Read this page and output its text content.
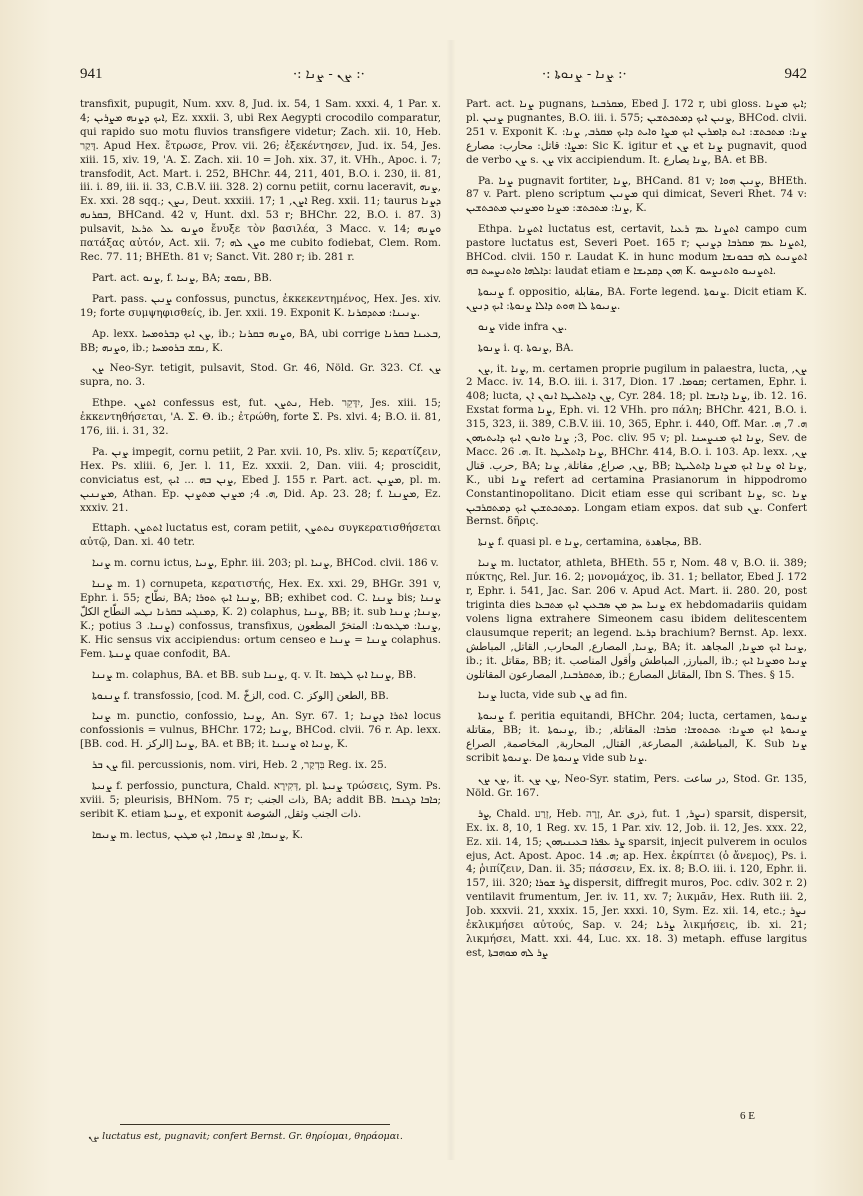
941	·: ܨܢ - ܨܢܐ :·	·: ܨܢܐ - ܨܢܘܬܐ :·	942

transfixit, pupugit, Num. xxv. 8, Jud. ix. 54, 1 Sam. xxxi. 4, 1 Par. x. 4; ܐܝܟ ܕܨܢܗ ܡܨܪܝܢ, Ez. xxxii. 3, ubi Rex Aegypti crocodilo comparatur, qui rapido suo motu fluvios transfigere videtur; Zach. xii. 10, Heb. דָּקַר. Apud Hex. ἔτρωσε, Prov. vii. 26; ἐξεκέντησεν, Jud. ix. 54, Jes. xiii. 15, xiv. 19, 'A. Σ. Zach. xii. 10 = Joh. xix. 37, it. VHh., Apoc. i. 7; transfodit, Act. Mart. i. 252, BHChr. 44, 211, 401, B.O. i. 230, ii. 81, iii. i. 89, iii. ii. 33, C.B.V. iii. 328. 2) cornu petiit, cornu laceravit, ܨܢܗ, Ex. xxi. 28 sqq.; ܢܨܢ, Deut. xxxiii. 17; ܐܨܢ, 1 Reg. xxii. 11; taurus ܕܨܢܐ ܒܩܪܢܗ, BHCand. 42 v, Hunt. dxl. 53 r; BHChr. 22, B.O. i. 87. 3) pulsavit, ܘܨܢܘ ܥܠ ܬܪܥܐ ἔνυξε τὸν βασιλέα, 3 Macc. v. 14; ܘܨܢܗ πατάξας αὐτόν, Act. xii. 7; ܘܨܢ ܠܗ me cubito fodiebat, Clem. Rom. Rec. 77. 11; BHEth. 81 v; Sanct. Vit. 280 r; ib. 281 r.

Part. act. ܨܢܘ, f. ܨܢܝܐ, BA; ܢܩܘܫ, BB.

Part. pass. ܨܢܝܢ confossus, punctus, ἐκκεκεντημένος, Hex. Jes. xiv. 19; forte συμψηφισθείς, ib. Jer. xxii. 19. Exponit K. ܨܢܝܢܐ: ܡܬܕܩܪܢܐ.

Ap. lexx. ܨܢ ܐܝܟ ܕܒܪܘܡܚܐ, ib.; ܘܨܢܗ ܒܩܪܢܐ, BA, ubi corrige ܒܥܝܢܐ ܒܩܪܢܐ, BB; ܘܨܢܗ, ib.; ܢܩܫ ܒܪܘܡܚܐ, K.

ܨܢ Neo-Syr. tetigit, pulsavit, Stod. Gr. 46, Nöld. Gr. 323. Cf. ܨܢ supra, no. 3.

Ethpe. ܐܬܨܢ confessus est, fut. ܢܬܨܢ, Heb. יִדָּקֵר, Jes. xiii. 15; ἐκκεντηθήσεται, 'A. Σ. Θ. ib.; ἐτρώθη, forte Σ. Ps. xlvi. 4; B.O. ii. 81, 176, iii. i. 31, 32.

Pa. ܨܢܢ impegit, cornu petiit, 2 Par. xvii. 10, Ps. xliv. 5; κερατίζειν, Hex. Ps. xliii. 6, Jer. l. 11, Ez. xxxii. 2, Dan. viii. 4; proscidit, conviciatus est, ܨܢܢ ܒܗ ... ܐܝܟ, Ebed J. 155 r. Part. act. ܡܨܢܢ, pl. m. ܡܨܢܢܝܢ, Athan. Ep. ܗ. 4; ܡܨܢܢ ܡܬܨܢܢ, Did. Ap. 23. 28; f. ܡܨܢܢܐ, Ez. xxxiv. 21.

Ettaph. ܐܬܬܨܢ luctatus est, coram petiit, ܢܬܬܨܢ συγκερατισθήσεται αὐτῷ, Dan. xi. 40 tetr.

ܨܢܝܐ m. cornu ictus, ܨܢܝܐ, Ephr. iii. 203; pl. ܨܢܝܐ, BHCod. clvii. 186 v.

ܨܢܢܐ m. 1) cornupeta, κερατιστής, Hex. Ex. xxi. 29, BHGr. 391 v, Ephr. i. 55; نطّاح, BA; ܨܢܢܐ ܐܝܟ ܬܘܪܐ, BB; exhibet cod. C. ܨܢܢܐ bis; ܨܢܢܐ ܕܡܢܓܚ ܒܩܪܢܐ ܢܛܚ النطّاح الكلّ, K. 2) colaphus, ܨܢܢܐ, BB; it. sub ܨܢܢܐ; ܨܢܢܐ, K.; potius ܨܢܢܐ. 3) confossus, transfixus, ܨܢܢܐ: ܡܛܥܘܢܐ: المتخرّ المطعون, K. Hic sensus vix accipiendus: ortum censeo e ܨܢܢܐ = ܨܢܢܐ colaphus. Fem. ܨܢܢܬܐ quae confodit, BA.

ܨܢܢܐ m. colaphus, BA. et BB. sub ܨܢܢܐ, q. v. It. ܨܢܢܐ ܐܝܟ ܠܛܡܐ, BB.

ܨܢܢܘܬܐ f. transfossio, [cod. M. الزخّ, cod. C. الوكز] الطعن, BB.

ܨܢܝܐ m. punctio, confossio, ܨܢܝܐ, An. Syr. 67. 1; ܐܬܪܐ ܕܨܢܝܐ locus confossionis = vulnus, BHChr. 172; ܨܢܝܐ, BHCod. clvii. 76 r. Ap. lexx. [BB. cod. H. الركز] ܨܢܝܐ, BA. et BB; it. ܨܢܝܐ ܐܘ ܨܢܝܢܐ, K.

ܨܢ ܒܪ fil. percussionis, nom. viri, Heb. בִּדְקַר, 2 Reg. ix. 25.

ܨܢܝܬܐ f. perfossio, punctura, Chald. דְּקִירָא, pl. ܨܢܝܬܐ τρώσεις, Sym. Ps. xviii. 5; pleurisis, BHNom. 75 r; ذات الجنب, BA; addit BB. ܟܐܒܐ ܕܓܢܒܐ; seribit K. etiam ܨܢܝܬܐ, et exponit ذات الجنب وثقل, الشوصة.

ܨܢܝܩܐ m. lectus, ܨܢܝܩܐ, ܐܦ ܨܢܝܩܐ, ܐܝܟ ܡܛܝܢ, K.

ܨܢ luctatus est, pugnavit; confert Bernst. Gr. θηρίομαι, θηράομαι.

Part. act. ܨܢܐ pugnans, ܡܩܪܒܢܐ, Ebed J. 172 r, ubi gloss. ܐܝܟ ܡܨܢܐ; pl. ܨܢܝܢ pugnantes, B.O. iii. i. 575; ܨܢܝܢ ܐܝܟ ܕܡܬܟܬܫܝܢ, BHCod. clvii. 251 v. Exponit K. ܨܢܐ: ܡܬܟܬܫ: ܐܝܬ ܕܐܡܪܝܢ ܐܝܟ ܡܨܐ ܘܐܝܬ ܕܐܝܟ ܡܩܪܒ, ܨܢܐ: ܡܨܐ: قاتل: محارب: مصارع: Sic K. igitur et ܨܢ et ܨܢܐ pugnavit, quod de verbo ܨܢ s. ܨܢ vix accipiendum. It. ܨܢܐ يصارع, BA. et BB.

Pa. ܨܢܐ pugnavit fortiter, ܨܢܐ, BHCand. 81 v; ܨܢܝܢ ܗܘܐ, BHEth. 87 v. Part. pleno scriptum ܡܨܢܝܢ qui dimicat, Severi Rhet. 74 v: ܨܢܐ: ܡܬܟܬܫ: ܡܨܢܐ ܘܡܨܢܝܢ ܡܬܟܬܫܝܢ, K.

Ethpa. ܐܬܨܢܐ luctatus est, certavit, ܐܬܨܢܐ ܥܡ ܪܥܝܐ campo cum pastore luctatus est, Severi Poet. 165 r; ܐܬܨܢܐ ܥܡ ܡܩܪܒܐ ܕܨܢܝܢ, BHCod. clvii. 150 r. Laudat K. in hunc modum ܐܬܨܢܝܬ ܠܗ ܒܟܘܢܫܐ ܕܐܠܗܐ ܘܐܬܢܨܚܬ ܒܗ: laudat etiam e ܗܘܢ ܕܩܕܝܫܐ K. ܐܬܨܢܝܘ ܘܐܬܢܨܚܘ.

ܨܢܝܘܬܐ f. oppositio, مقابلة, BA. Forte legend. ܨܢܘܬܐ. Dicit etiam K. ܨܢܝܘܬܐ ܠܐ ܗܘܬ ܕܐܠܐ ܨܢܘܬܐ: ܐܝܟ ܕܢܨܢ.

ܨܢܘ vide infra ܨܢ.

ܨܢܘܬܐ i. q. ܨܢܘܬܐ, BA.

ܨܢ, it. ܨܢܐ, m. certamen proprie pugilum in palaestra, lucta, ܨܢ, 2 Macc. iv. 14, B.O. iii. i. 317, Dion. ܩܘܡܐ. 17; certamen, Ephr. i. 408; lucta, ܨܢ ܕܐܬܠܝܛܐ ܐܢܘܢ ܐܢ, Cyr. 284. 18; pl. ܨܢܐ ܕܐܢܫܐ, ib. 12. 16. Exstat forma ܨܢܐ, Eph. vi. 12 VHh. pro πάλη; BHChr. 421, B.O. i. 315, 323, ii. 389, C.B.V. iii. 10, 365, Ephr. i. 440, Off. Mar. ܗ. 7, ܗ. 3; ܨܢܐ ܘܐܢܘܢ ܐܝܟ ܕܐܝܬܝܗܘܢ, Poc. cliv. 95 v; pl. ܨܢܐ ܐܝܟ ܡܢܨܚܢܐ, Sev. de Macc. ܗ. 26. It. ܨܢܐ ܕܐܬܠܝܛܐ, BHChr. 414, B.O. i. 103. Ap. lexx. ܨܢ, حرب. قتال, BA; ܨܢ, صراع, مقاتلة, ܨܢܐ, BB; ܨܢܐ ܐܘ ܨܢܐ ܐܝܟ ܡܨܢܐ ܕܐܬܠܝܛܐ, K., ubi ܨܢܐ refert ad certamina Prasianorum in hippodromo Constantinopolitano. Dicit etiam esse qui scribant ܨܢܐ, sc. ܨܢܐ ܕܡܬܟܬܫܝܢ ܐܝܟ ܕܡܬܩܪܒܝܢ. Longam etiam expos. dat sub ܨܢ. Confert Bernst. δῆρις.

ܨܢܬܐ f. quasi pl. e ܨܢܐ, certamina, مجاهدة, BB.

ܨܢܝܐ m. luctator, athleta, BHEth. 55 r, Nom. 48 v, B.O. ii. 389; πύκτης, Rel. Jur. 16. 2; μονομάχος, ib. 31. 1; bellator, Ebed J. 172 r, Ephr. i. 541, Jac. Sar. 206 v. Apud Act. Mart. ii. 280. 20, post triginta dies ܨܢܝܐ ܚܕ ܡܢ ܣܒܥܝܢ ܐܝܟ ܡܬܒܥܐ ex hebdomadariis quidam volens ligna extrahere Simeonem casu ibidem delitescentem clausumque reperit; an legend. ܕܪܥܐ brachium? Bernst. Ap. lexx. ܨܢܝܐ, المصارع, المحارب, القاتل, المباطش, BA; it. ܨܢܝܐ ܐܝܟ ܡܨܢܐ, المجاهد, ib.; it. مقاتل, BB; it. المبارز, المباطش وأقول المناصب, ib.; ܨܢܝܐ ܘܡܨܢܐ ܐܝܟ ܡܬܩܪܒܢܐ, المصارعون المقاتلون, ib.; المقاتل المصارع, Ibn S. Thes. § 15.

ܨܢܝܐ lucta, vide sub ܨܢ ad fin.

ܨܢܝܘܬܐ f. peritia equitandi, BHChr. 204; lucta, certamen, ܨܢܝܘܬܐ مقاتلة, BB; it. ܨܢܝܘܬܐ, ib.; ܨܢܝܘܬܐ ܐܝܟ ܡܨܢܐ: ܬܟܬܘܫܐ: ܩܪܒܐ: المقاتلة, المباطشة, المصارعة, القتال, المحاربة, المخاصمة, الصراع, K. Sub ܨܢܐ scribit ܨܢܝܘܬܐ. De ܨܢܝܘܬܐ vide sub ܨܢܐ.

ܨܢ ܨܢ, it. ܨܢ ܨܢ, Neo-Syr. statim, Pers. در ساعت, Stod. Gr. 135, Nöld. Gr. 167.

ܨܪ, Chald. זְרַע, Heb. זָרָה, Ar. ذرى, fut. ܢܨܪ, 1) sparsit, dispersit, Ex. ix. 8, 10, 1 Reg. xv. 15, 1 Par. xiv. 12, Job. ii. 12, Jes. xxx. 22, Ez. xii. 14, 15; ܨܪ ܥܦܪܐ ܒܥܝܢܝܗܘܢ sparsit, injecit pulverem in oculos ejus, Act. Apost. Apoc. ܗ. 14; ap. Hex. ἐκρίπτει (ὁ ἄνεμος), Ps. i. 4; ῥιπίζειν, Dan. ii. 35; πάσσειν, Ex. ix. 8; B.O. iii. i. 120, Ephr. ii. 157, iii. 320; ܨܪ ܫܘܪܐ dispersit, diffregit muros, Poc. cdiv. 302 r. 2) ventilavit frumentum, Jer. iv. 11, xv. 7; λικμᾶν, Hex. Ruth iii. 2, Job. xxxvii. 21, xxxix. 15, Jer. xxxi. 10, Sym. Ez. xii. 14, etc.; ܢܨܪ ἐκλικμήσει αὐτούς, Sap. v. 24; ܨܪܝܐ λικμήσεις, ib. xi. 21; λικμήσει, Matt. xxi. 44, Luc. xx. 18. 3) metaph. effuse largitus est, ܨܪ ܠܗ ܡܘܗܒܬܐ

6 E
